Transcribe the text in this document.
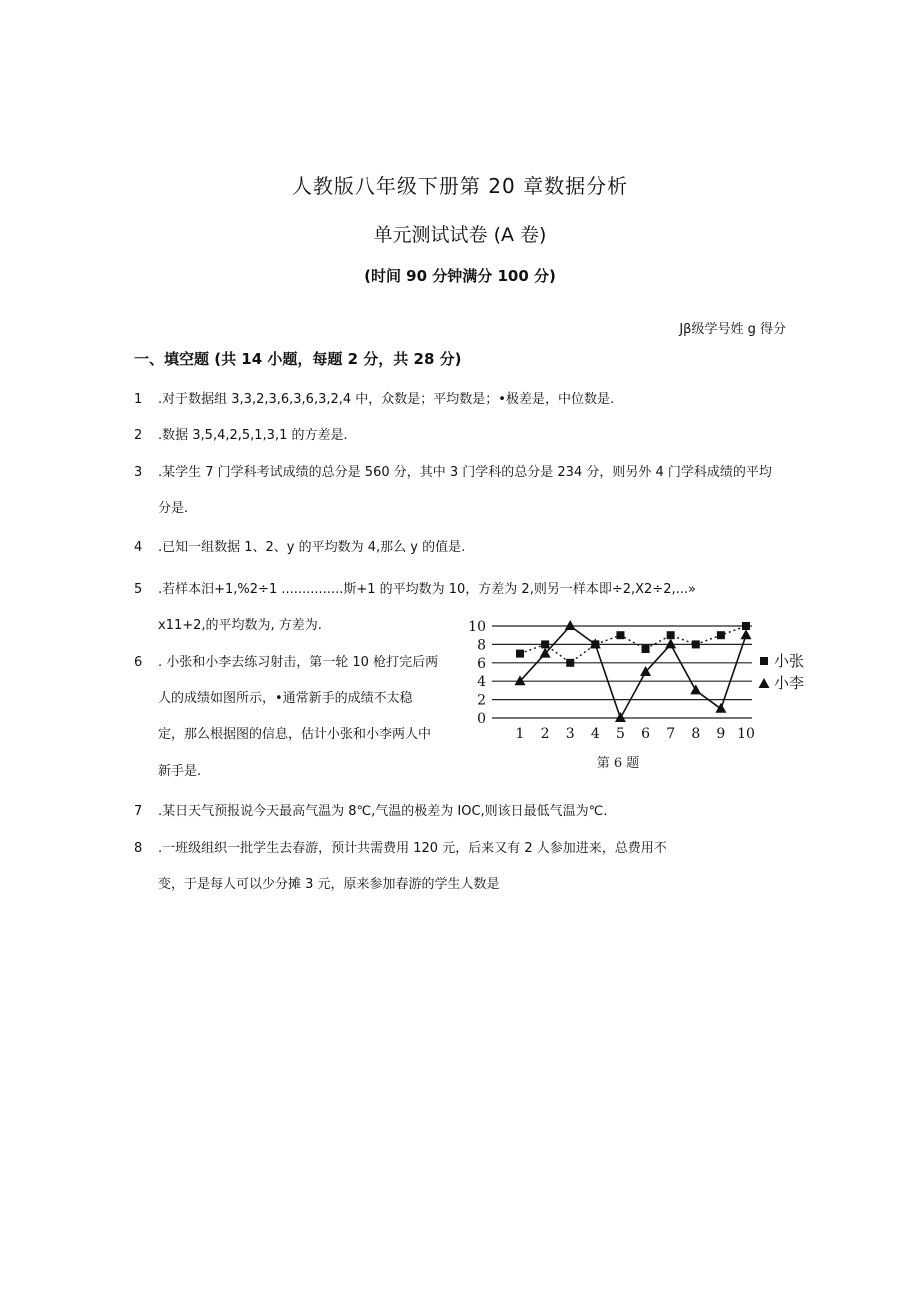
人教版八年级下册第 20 章数据分析
单元测试试卷 (A 卷)
(时间 90 分钟满分 100 分)
Jβ级学号姓 g 得分
一、填空题 (共 14 小题，每题 2 分，共 28 分)
1 .对于数据组 3,3,2,3,6,3,6,3,2,4 中，众数是；平均数是；•极差是，中位数是.
2 .数据 3,5,4,2,5,1,3,1 的方差是.
3 .某学生 7 门学科考试成绩的总分是 560 分，其中 3 门学科的总分是 234 分，则另外 4 门学科成绩的平均
分是.
4 .已知一组数据 1、2、y 的平均数为 4,那么 y 的值是.
5 .若样本汨+1,%2÷1 ...............斯+1 的平均数为 10，方差为 2,则另一样本即÷2,X2÷2,...»
x11+2,的平均数为, 方差为.
6 . 小张和小李去练习射击，第一轮 10 枪打完后两
人的成绩如图所示，•通常新手的成绩不太稳
定，那么根据图的信息，估计小张和小李两人中
新手是.
0
2
4
6
8
10
1 2 3 4 5 6 7 8 9 10
小张
小李
第 6 题
7 .某日天气预报说今天最高气温为 8℃,气温的极差为 IOC,则该日最低气温为℃.
8 .一班级组织一批学生去春游，预计共需费用 120 元，后来又有 2 人参加进来，总费用不
变，于是每人可以少分摊 3 元，原来参加春游的学生人数是
